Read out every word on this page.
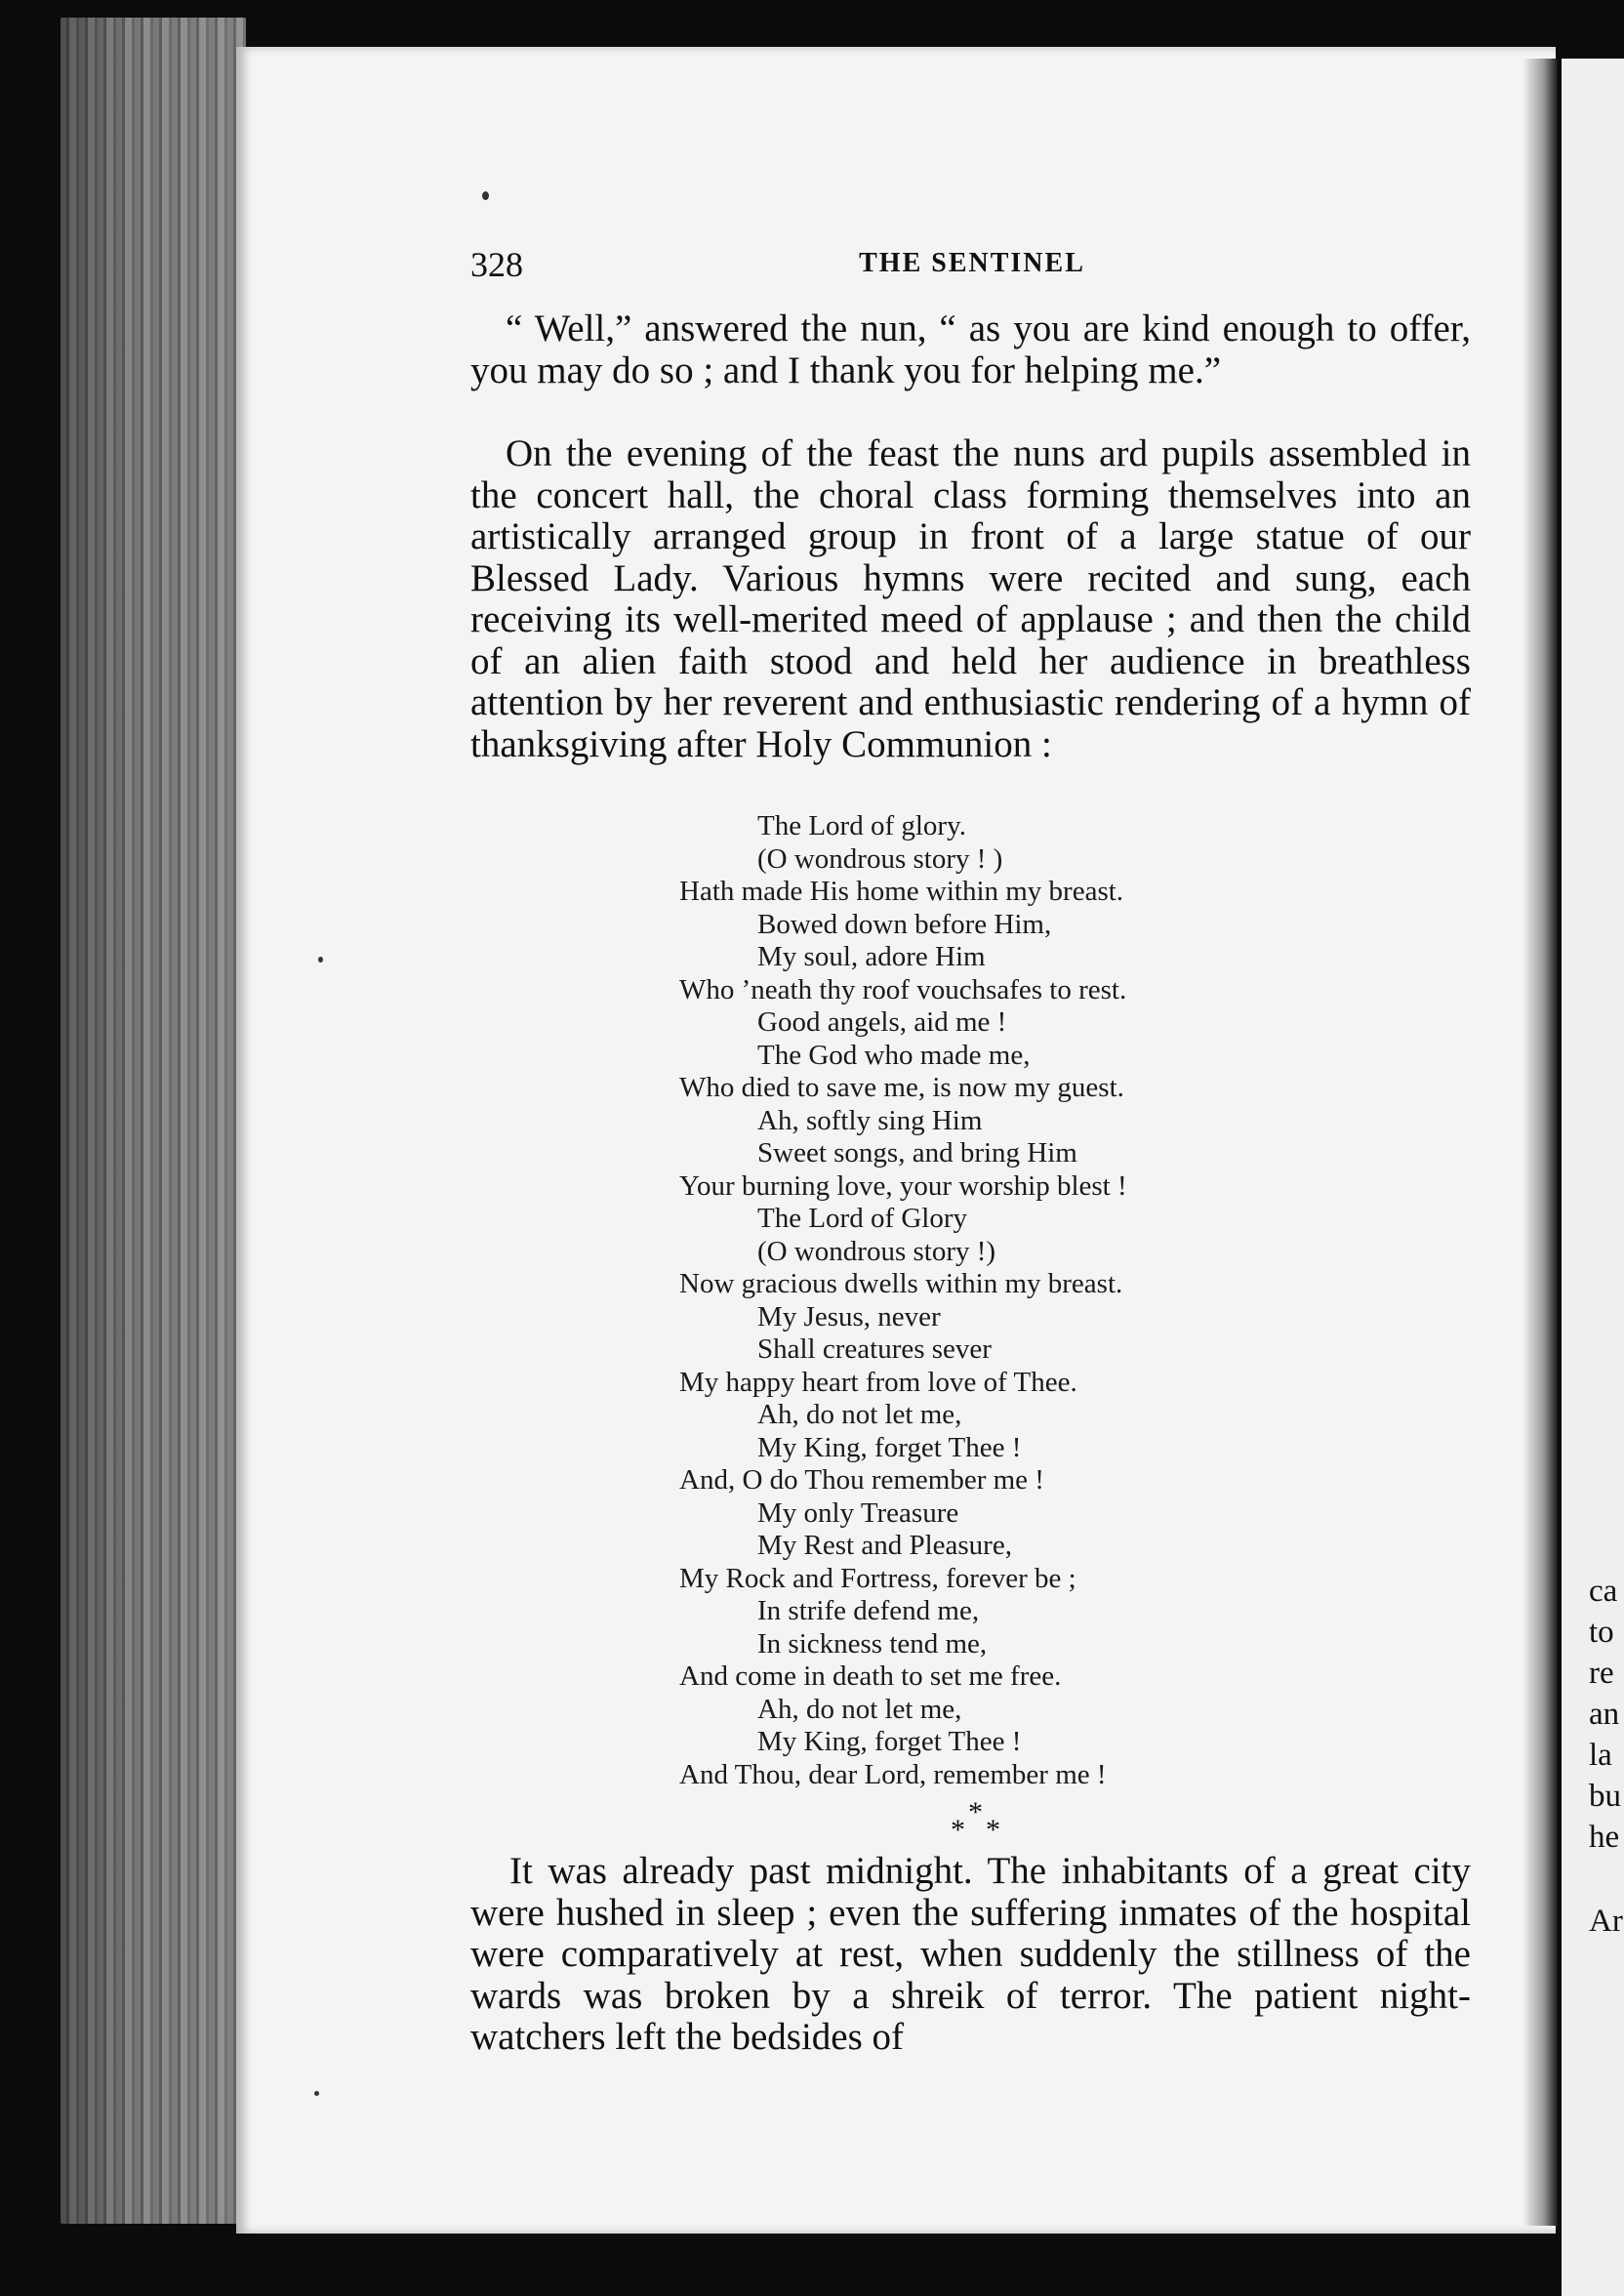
ca
to
re
an
la
bu
he
Ar
328	THE SENTINEL
“ Well,” answered the nun, “ as you are kind enough to offer, you may do so ; and I thank you for helping me.”
On the evening of the feast the nuns ard pupils assembled in the concert hall, the choral class forming themselves into an artistically arranged group in front of a large statue of our Blessed Lady. Various hymns were recited and sung, each receiving its well-merited meed of applause ; and then the child of an alien faith stood and held her audience in breathless attention by her reverent and enthusiastic rendering of a hymn of thanksgiving after Holy Communion :
The Lord of glory.
(O wondrous story ! )
Hath made His home within my breast.
Bowed down before Him,
My soul, adore Him
Who ’neath thy roof vouchsafes to rest.
Good angels, aid me !
The God who made me,
Who died to save me, is now my guest.
Ah, softly sing Him
Sweet songs, and bring Him
Your burning love, your worship blest !
The Lord of Glory
(O wondrous story !)
Now gracious dwells within my breast.
My Jesus, never
Shall creatures sever
My happy heart from love of Thee.
Ah, do not let me,
My King, forget Thee !
And, O do Thou remember me !
My only Treasure
My Rest and Pleasure,
My Rock and Fortress, forever be ;
In strife defend me,
In sickness tend me,
And come in death to set me free.
Ah, do not let me,
My King, forget Thee !
And Thou, dear Lord, remember me !
*
* *
It was already past midnight. The inhabitants of a great city were hushed in sleep ; even the suffering inmates of the hospital were comparatively at rest, when suddenly the stillness of the wards was broken by a shreik of terror. The patient night-watchers left the bedsides of
